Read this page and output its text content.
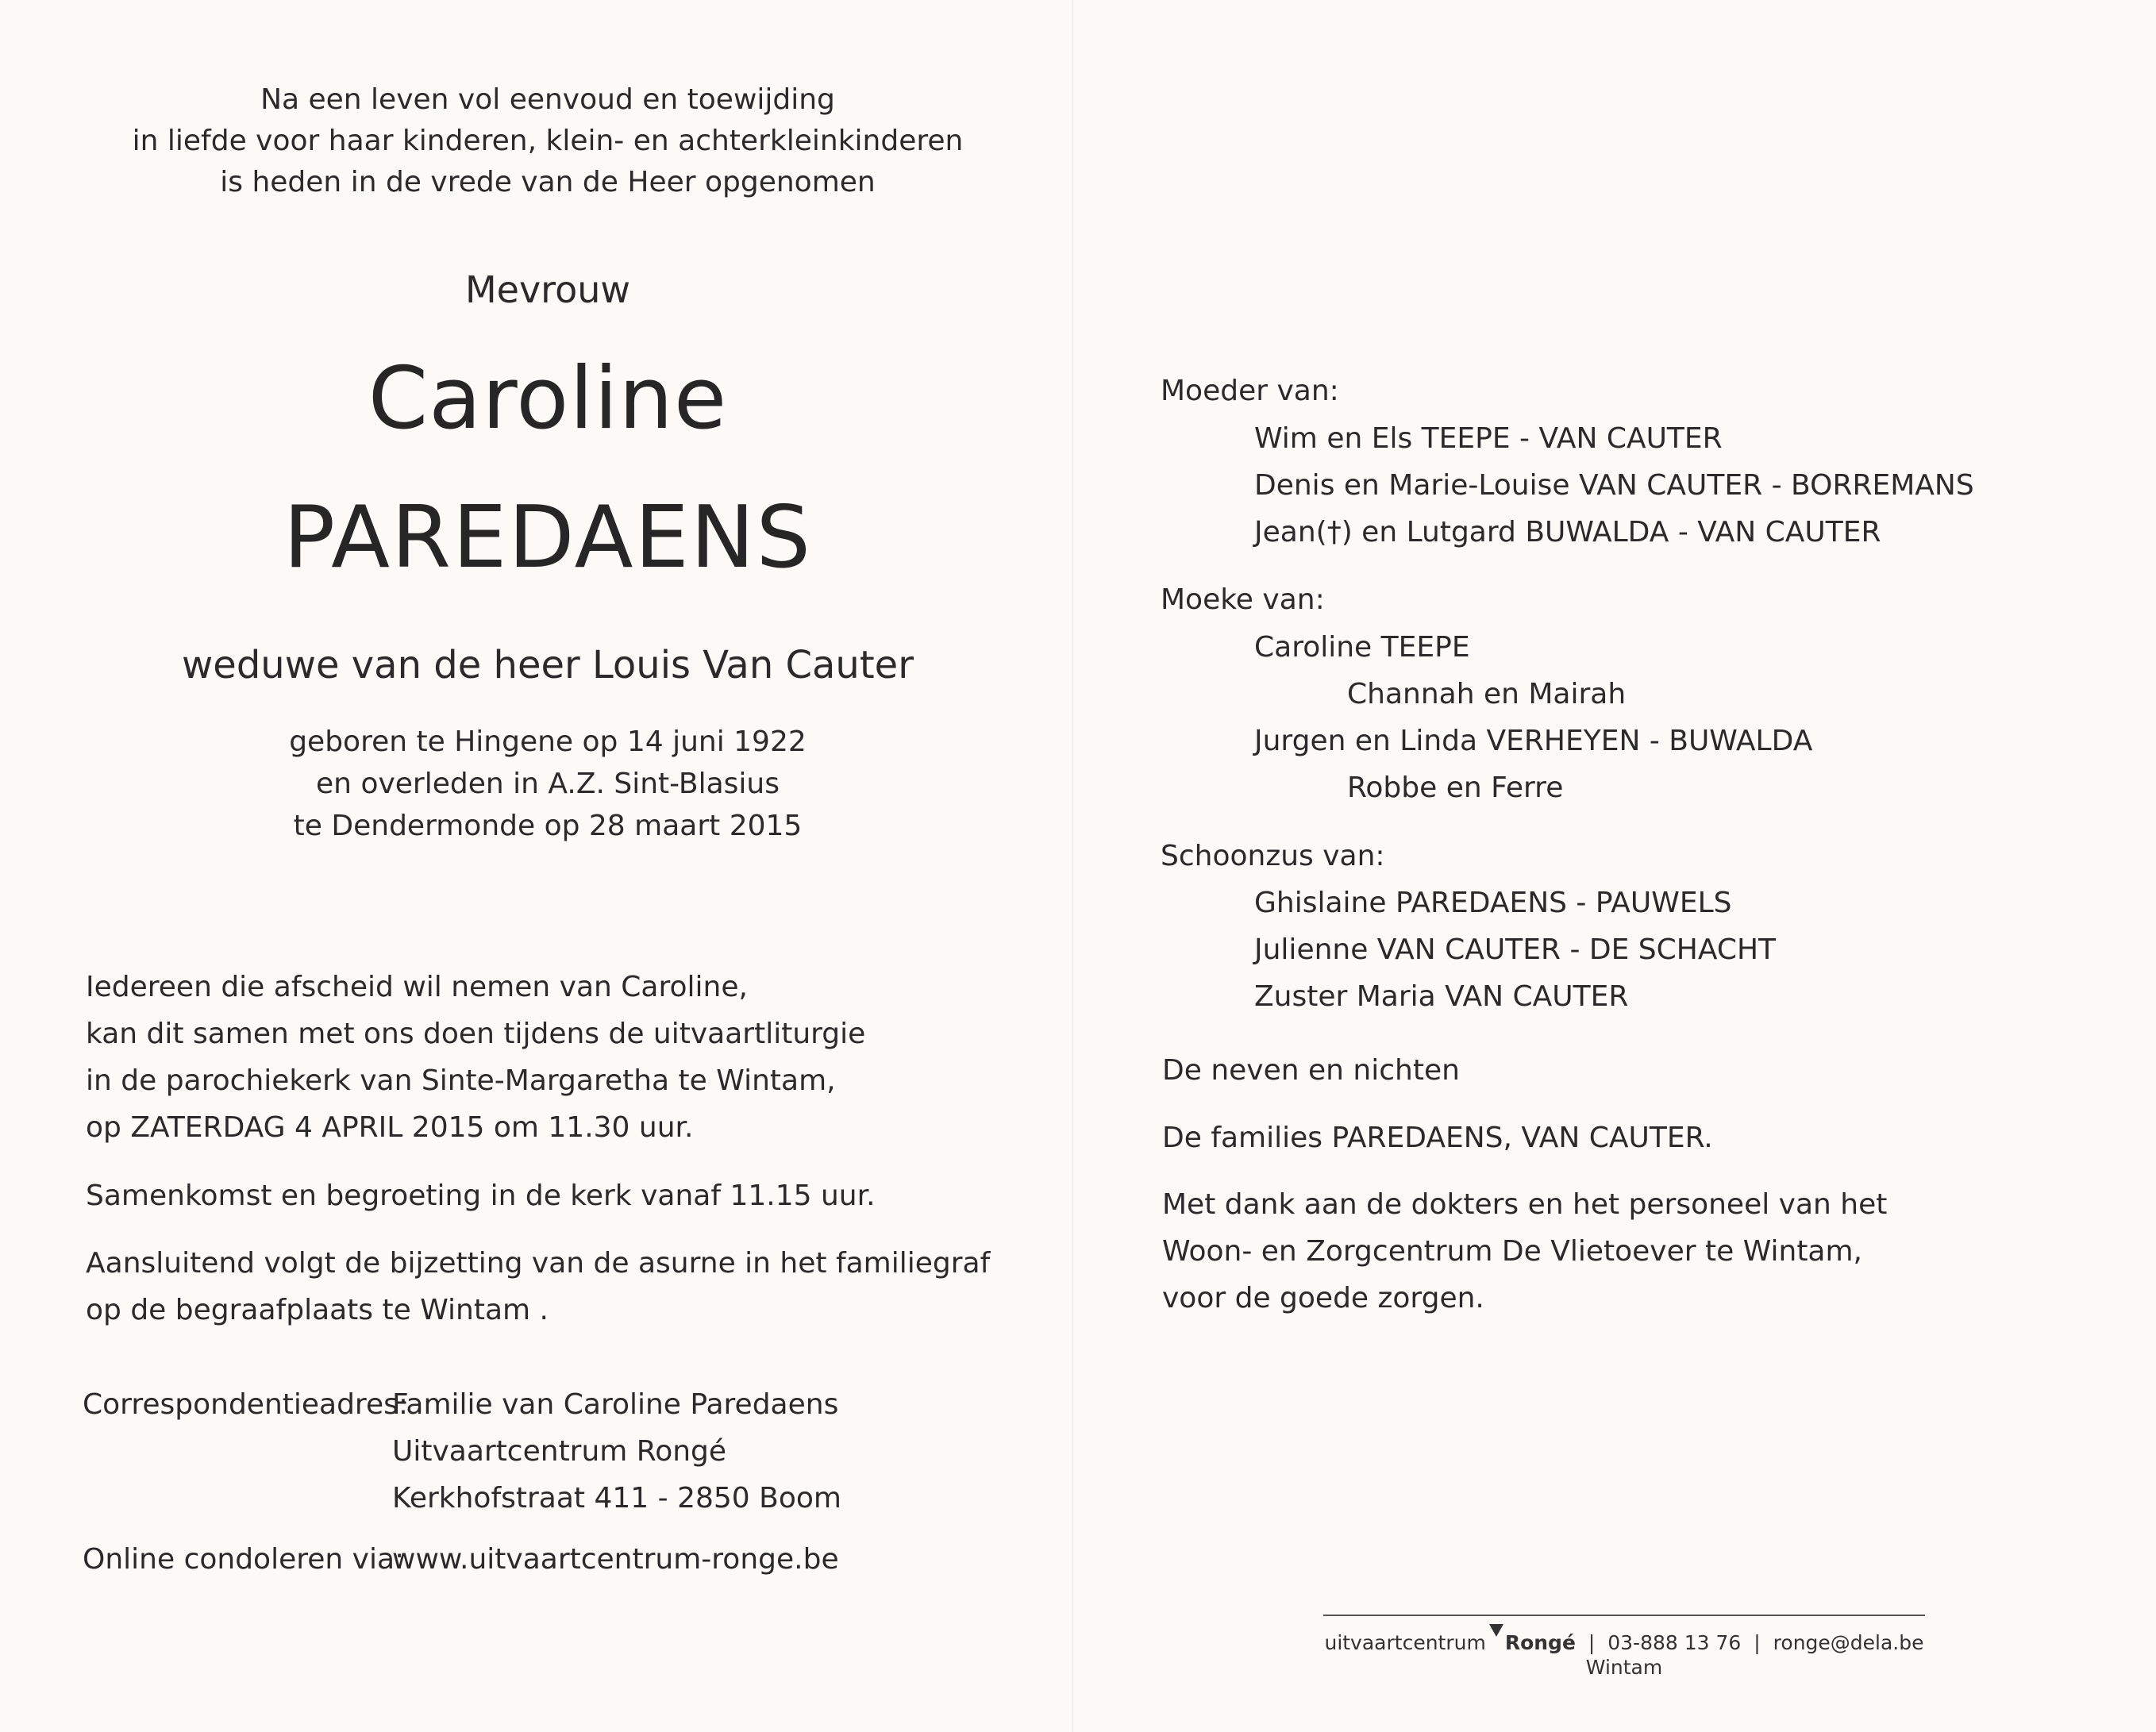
Na een leven vol eenvoud en toewijding
in liefde voor haar kinderen, klein- en achterkleinkinderen
is heden in de vrede van de Heer opgenomen
Mevrouw
Caroline
PAREDAENS
weduwe van de heer Louis Van Cauter
geboren te Hingene op 14 juni 1922
en overleden in A.Z. Sint-Blasius
te Dendermonde op 28 maart 2015
Iedereen die afscheid wil nemen van Caroline,
kan dit samen met ons doen tijdens de uitvaartliturgie
in de parochiekerk van Sinte-Margaretha te Wintam,
op ZATERDAG 4 APRIL 2015 om 11.30 uur.
Samenkomst en begroeting in de kerk vanaf 11.15 uur.
Aansluitend volgt de bijzetting van de asurne in het familiegraf
op de begraafplaats te Wintam .
Correspondentieadres:
Familie van Caroline Paredaens
Uitvaartcentrum Rongé
Kerkhofstraat 411 - 2850 Boom
Online condoleren via:
www.uitvaartcentrum-ronge.be
Moeder van:
Wim en Els TEEPE - VAN CAUTER
Denis en Marie-Louise VAN CAUTER - BORREMANS
Jean(†) en Lutgard BUWALDA - VAN CAUTER
Moeke van:
Caroline TEEPE
Channah en Mairah
Jurgen en Linda VERHEYEN - BUWALDA
Robbe en Ferre
Schoonzus van:
Ghislaine PAREDAENS - PAUWELS
Julienne VAN CAUTER - DE SCHACHT
Zuster Maria VAN CAUTER
De neven en nichten
De families PAREDAENS, VAN CAUTER.
Met dank aan de dokters en het personeel van het
Woon- en Zorgcentrum De Vlietoever te Wintam,
voor de goede zorgen.
uitvaartcentrum Rongé | 03-888 13 76 | ronge@dela.be
Wintam
